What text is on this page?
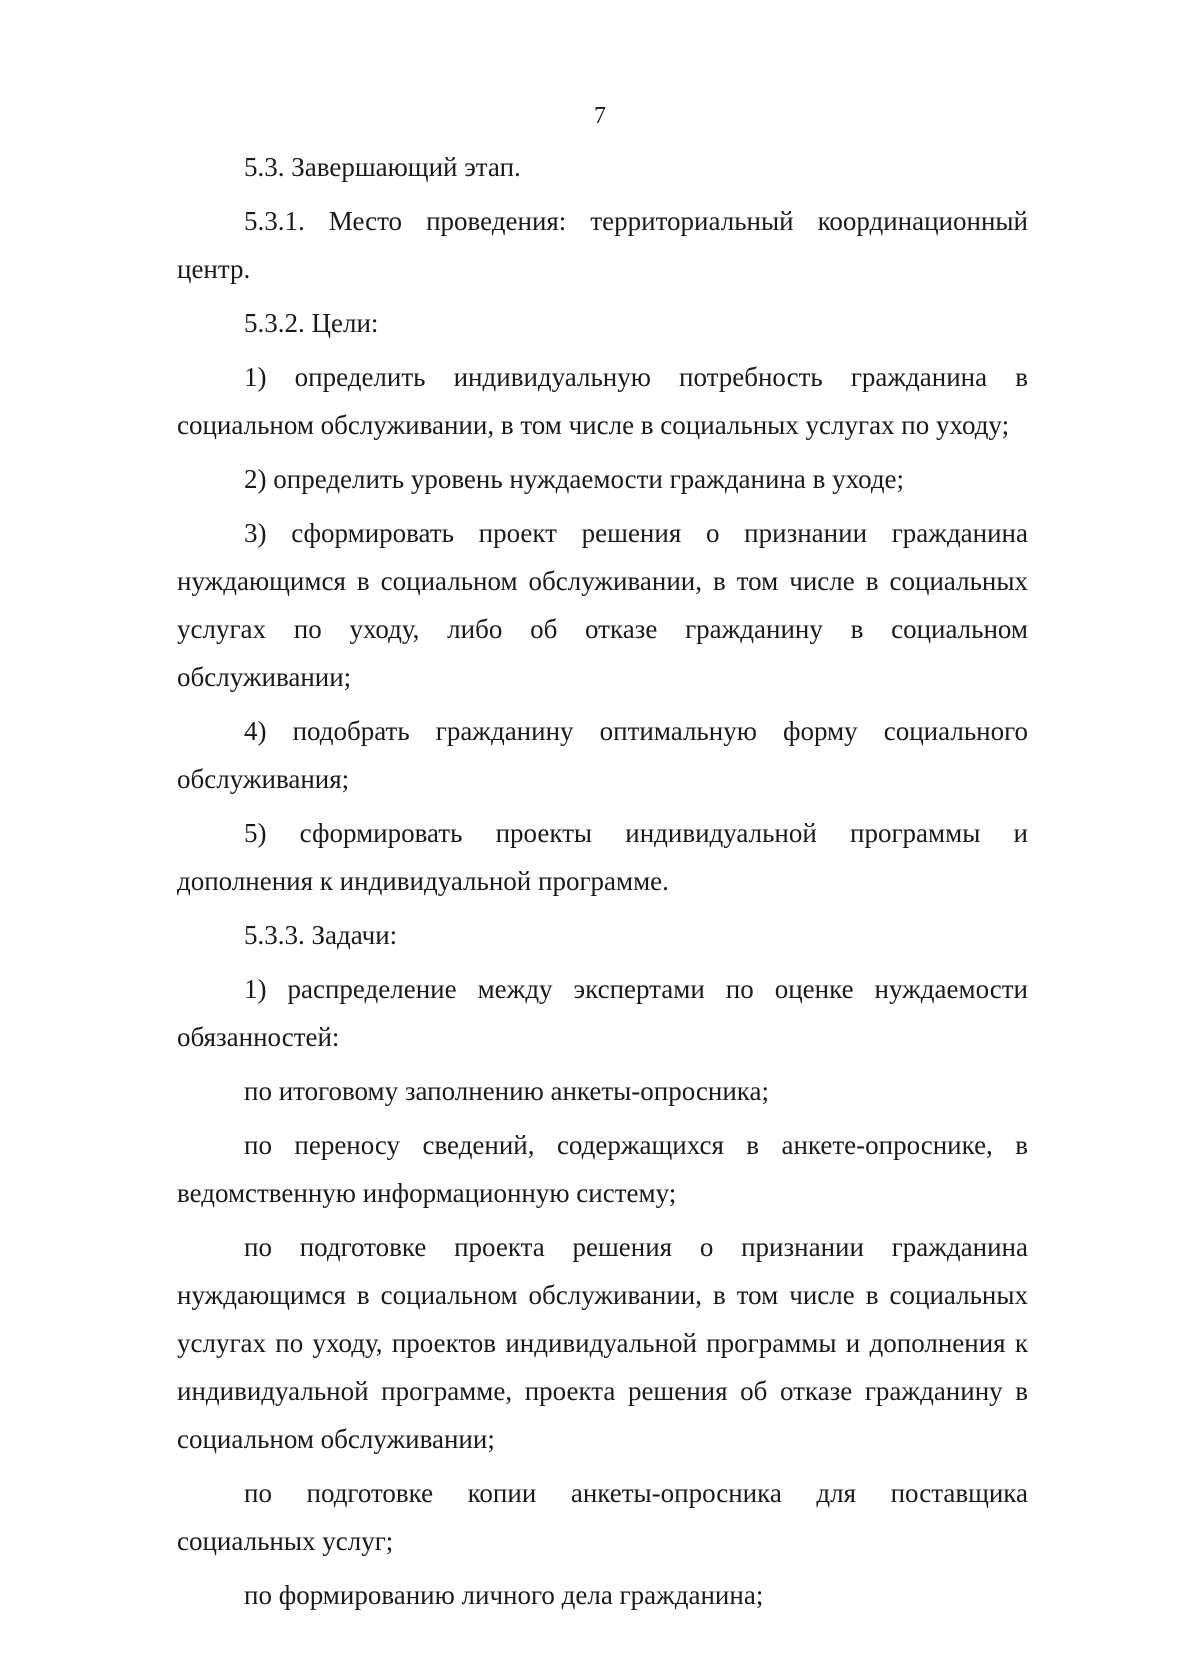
7

5.3. Завершающий этап.

5.3.1. Место проведения: территориальный координационный центр.

5.3.2. Цели:

1) определить индивидуальную потребность гражданина в социальном обслуживании, в том числе в социальных услугах по уходу;

2) определить уровень нуждаемости гражданина в уходе;

3) сформировать проект решения о признании гражданина нуждающимся в социальном обслуживании, в том числе в социальных услугах по уходу, либо об отказе гражданину в социальном обслуживании;

4) подобрать гражданину оптимальную форму социального обслуживания;

5) сформировать проекты индивидуальной программы и дополнения к индивидуальной программе.

5.3.3. Задачи:

1) распределение между экспертами по оценке нуждаемости обязанностей:

по итоговому заполнению анкеты-опросника;

по переносу сведений, содержащихся в анкете-опроснике, в ведомственную информационную систему;

по подготовке проекта решения о признании гражданина нуждающимся в социальном обслуживании, в том числе в социальных услугах по уходу, проектов индивидуальной программы и дополнения к индивидуальной программе, проекта решения об отказе гражданину в социальном обслуживании;

по подготовке копии анкеты-опросника для поставщика социальных услуг;

по формированию личного дела гражданина;
